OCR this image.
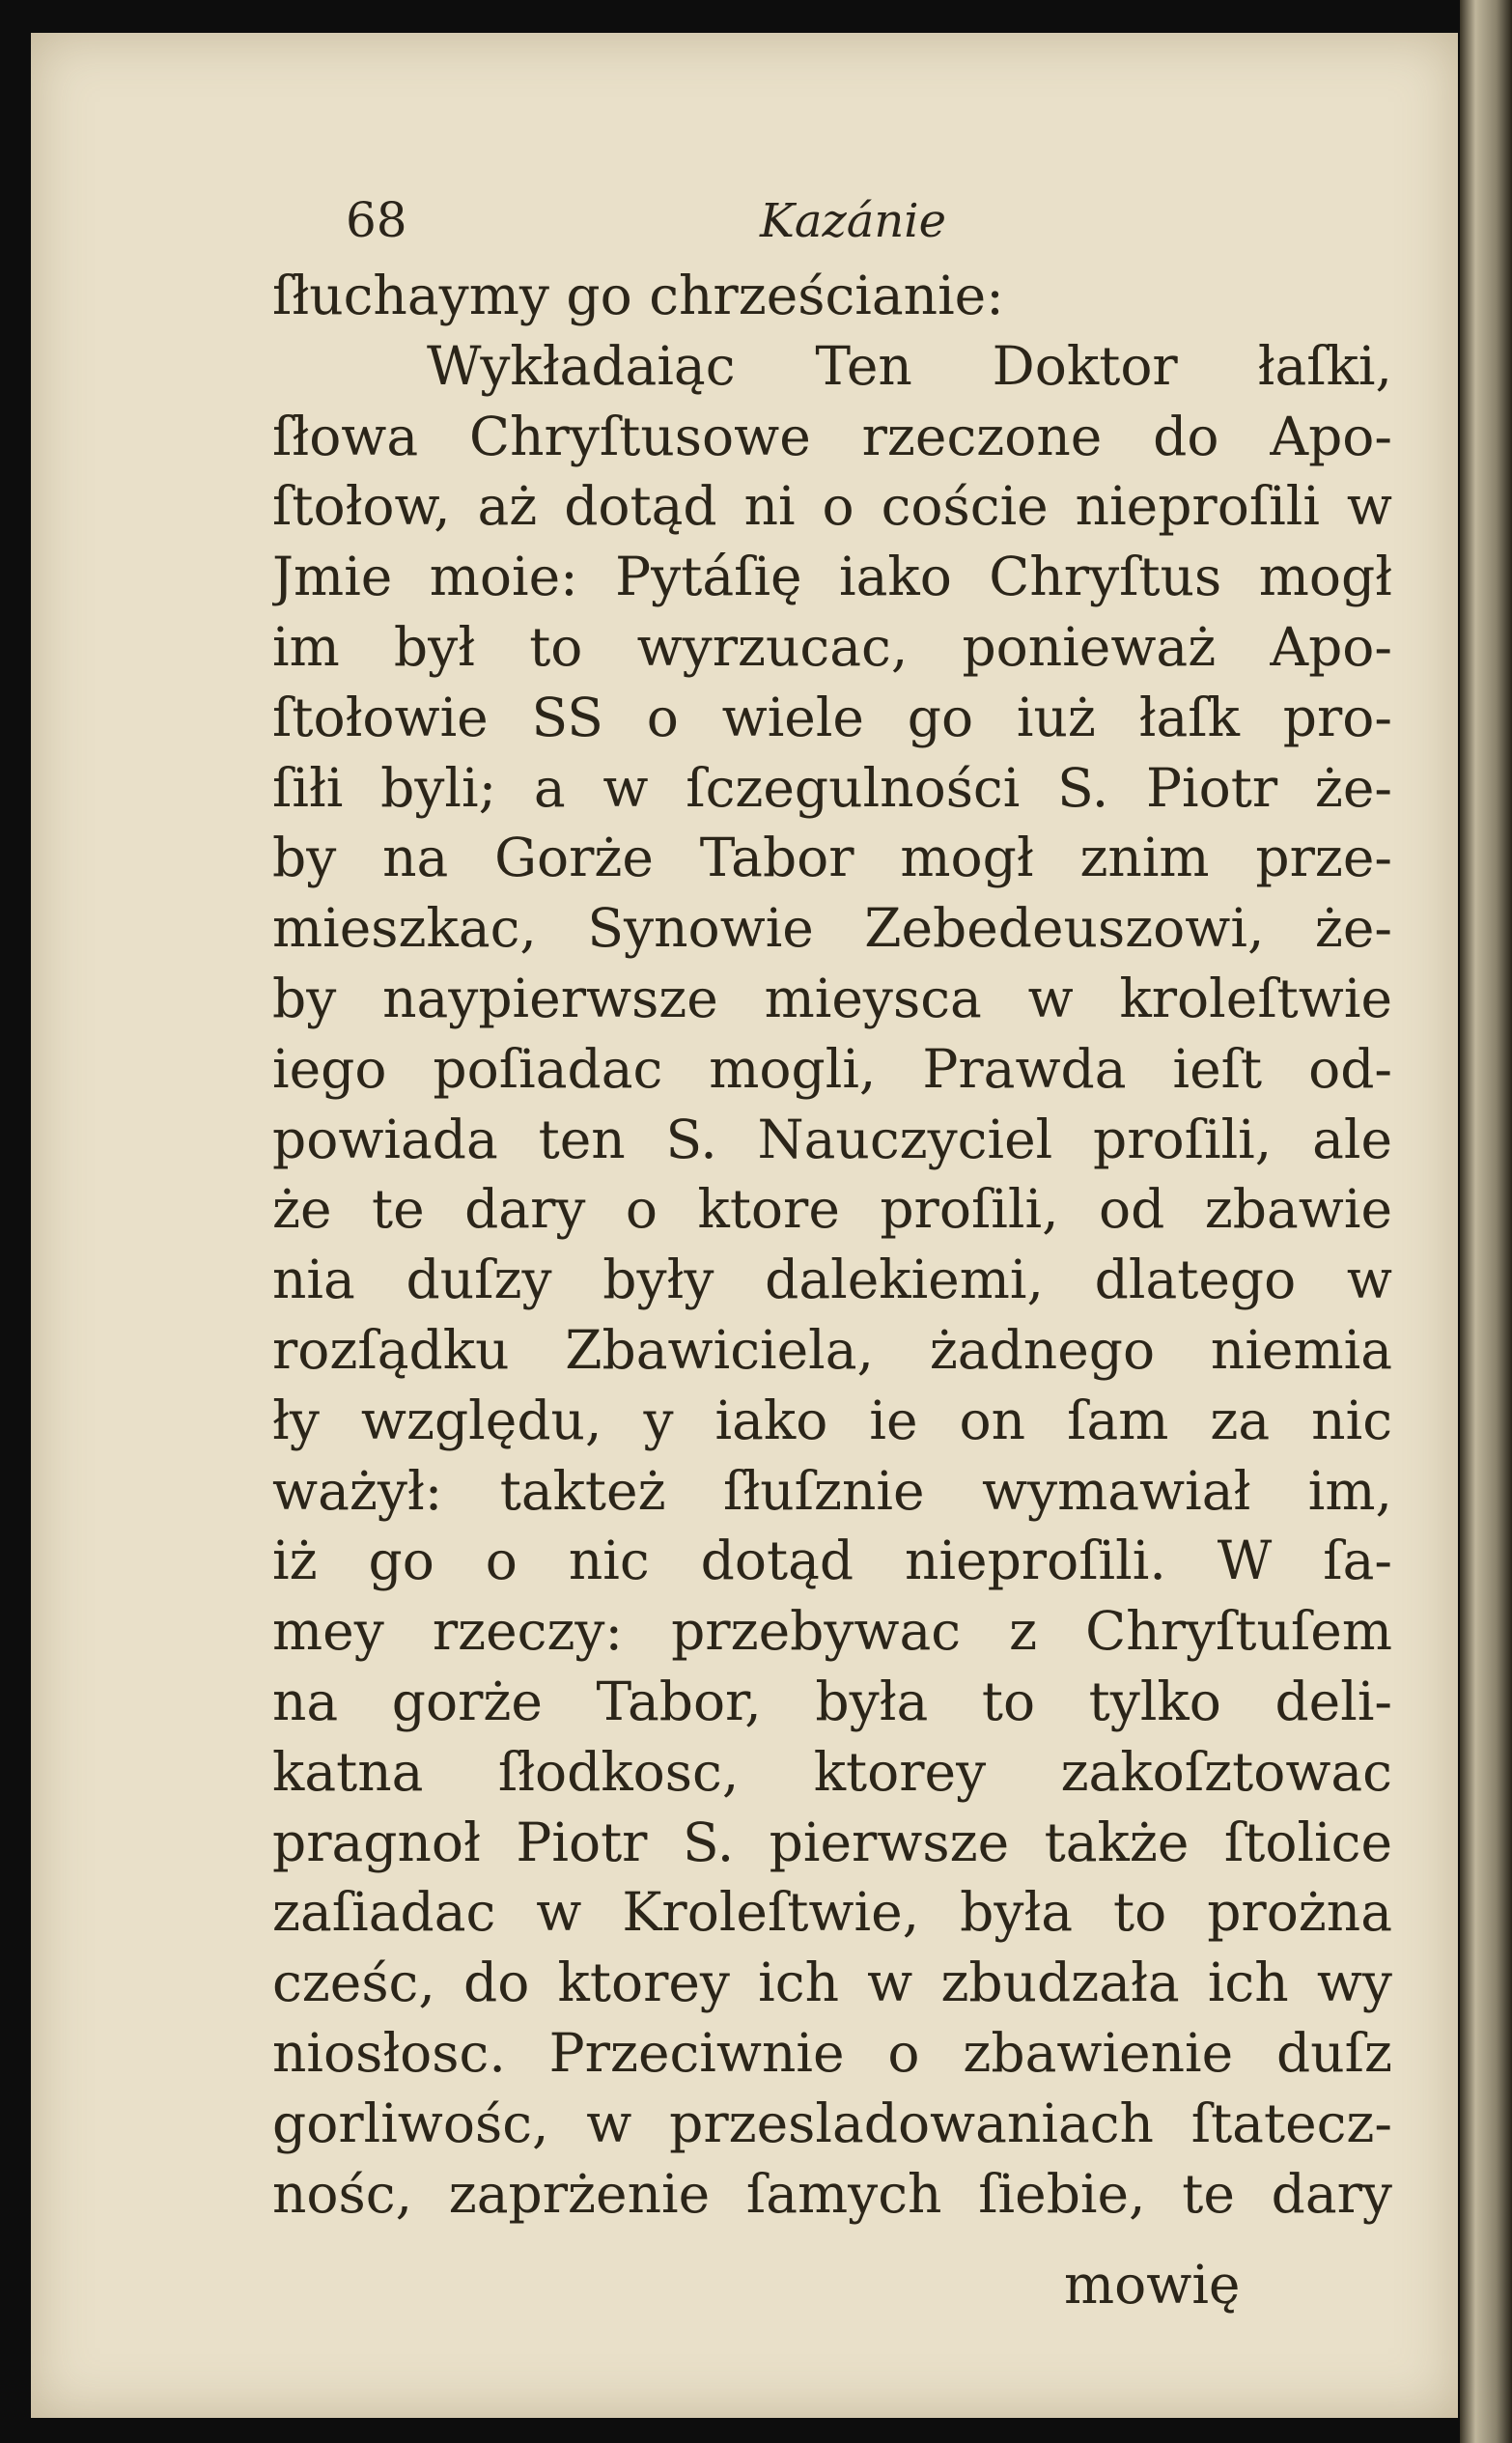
68	Kazánie
ſłuchaymy go chrześcianie:
Wykładaiąc Ten Doktor łaſki,
ſłowa Chryſtusowe rzeczone do Apo-
ſtołow, aż dotąd ni o coście nieproſili w
Jmie moie: Pytáſię iako Chryſtus mogł
im był to wyrzucac, ponieważ Apo-
ſtołowie SS o wiele go iuż łaſk pro-
ſiłi byli; a w ſczegulności S. Piotr że-
by na Gorże Tabor mogł znim prze-
mieszkac, Synowie Zebedeuszowi, że-
by naypierwsze mieysca w kroleſtwie
iego poſiadac mogli, Prawda ieſt od-
powiada ten S. Nauczyciel proſili, ale
że te dary o ktore proſili, od zbawie
nia duſzy były dalekiemi, dlatego w
rozſądku Zbawiciela, żadnego niemia
ły względu, y iako ie on ſam za nic
ważył: takteż ſłuſznie wymawiał im,
iż go o nic dotąd nieproſili. W ſa-
mey rzeczy: przebywac z Chryſtuſem
na gorże Tabor, była to tylko deli-
katna ſłodkosc, ktorey zakoſztowac
pragnoł Piotr S. pierwsze także ſtolice
zaſiadac w Kroleſtwie, była to prożna
cześc, do ktorey ich w zbudzała ich wy
niosłosc. Przeciwnie o zbawienie duſz
gorliwośc, w przesladowaniach ſtatecz-
nośc, zaprżenie ſamych ſiebie, te dary
mowię
